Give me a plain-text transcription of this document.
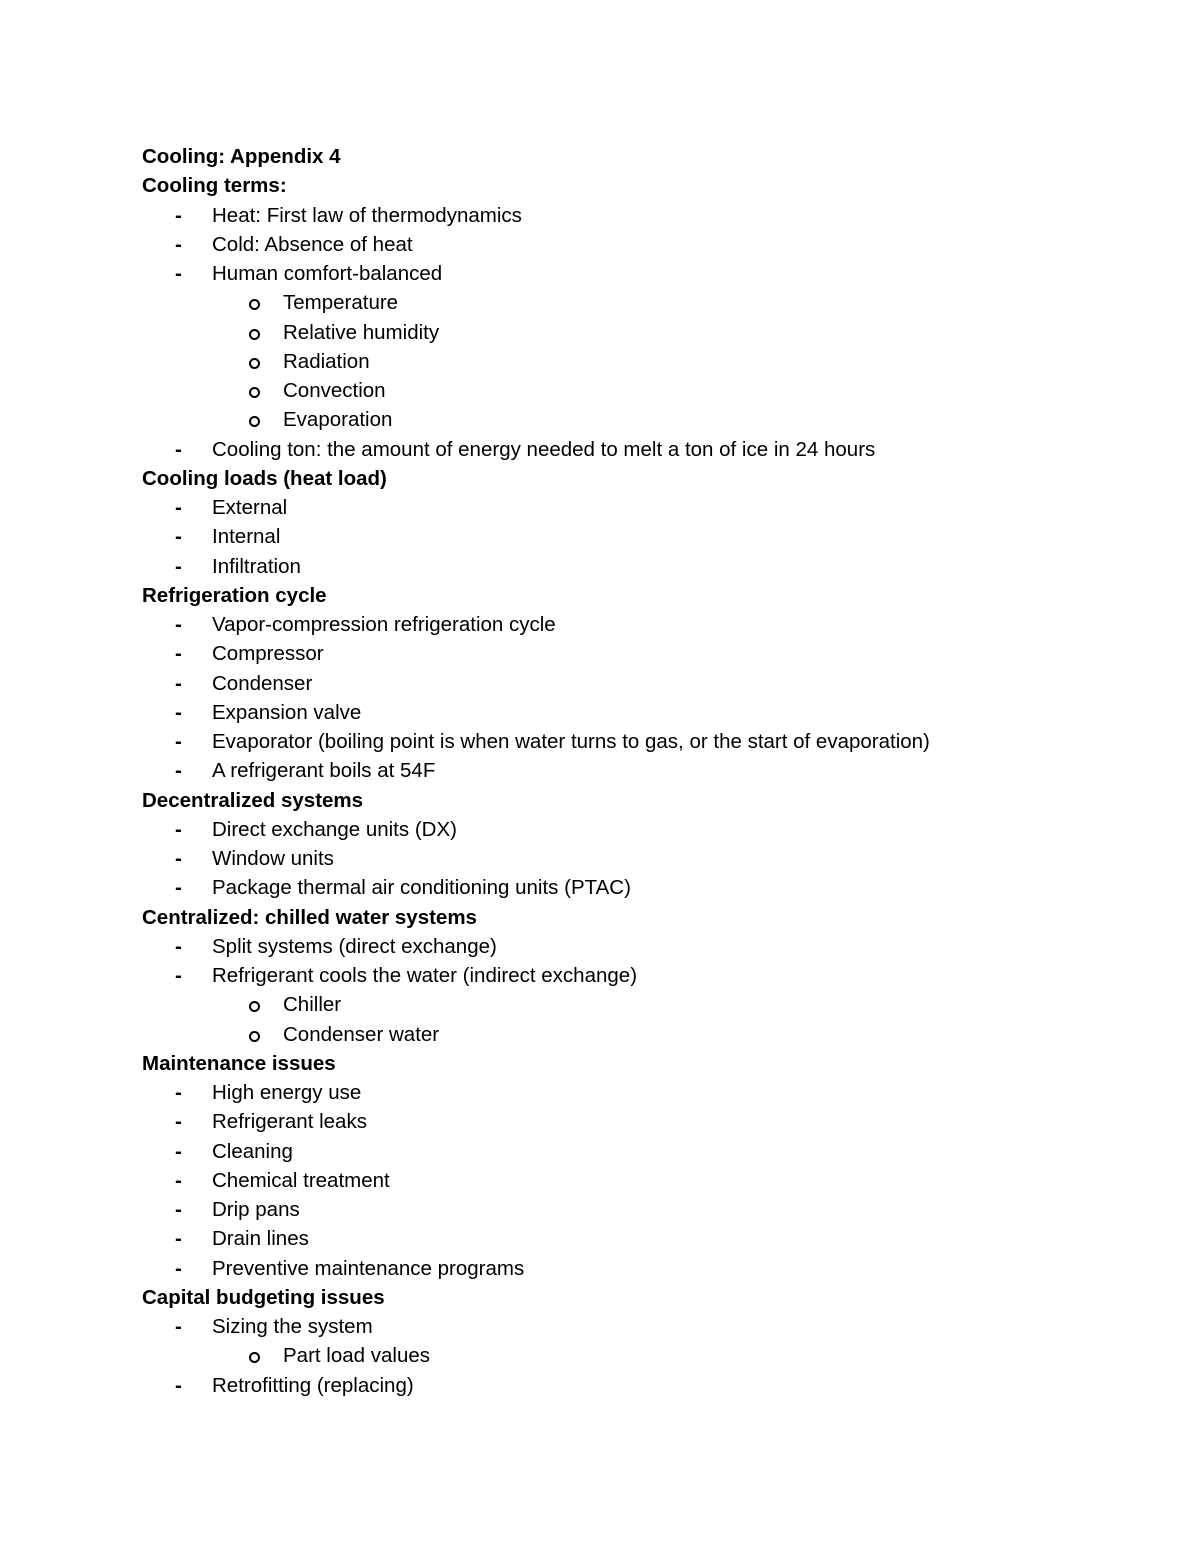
Cooling: Appendix 4
Cooling terms:
- Heat: First law of thermodynamics
- Cold: Absence of heat
- Human comfort-balanced
Temperature
Relative humidity
Radiation
Convection
Evaporation
- Cooling ton: the amount of energy needed to melt a ton of ice in 24 hours
Cooling loads (heat load)
- External
- Internal
- Infiltration
Refrigeration cycle
- Vapor-compression refrigeration cycle
- Compressor
- Condenser
- Expansion valve
- Evaporator (boiling point is when water turns to gas, or the start of evaporation)
- A refrigerant boils at 54F
Decentralized systems
- Direct exchange units (DX)
- Window units
- Package thermal air conditioning units (PTAC)
Centralized: chilled water systems
- Split systems (direct exchange)
- Refrigerant cools the water (indirect exchange)
Chiller
Condenser water
Maintenance issues
- High energy use
- Refrigerant leaks
- Cleaning
- Chemical treatment
- Drip pans
- Drain lines
- Preventive maintenance programs
Capital budgeting issues
- Sizing the system
Part load values
- Retrofitting (replacing)
